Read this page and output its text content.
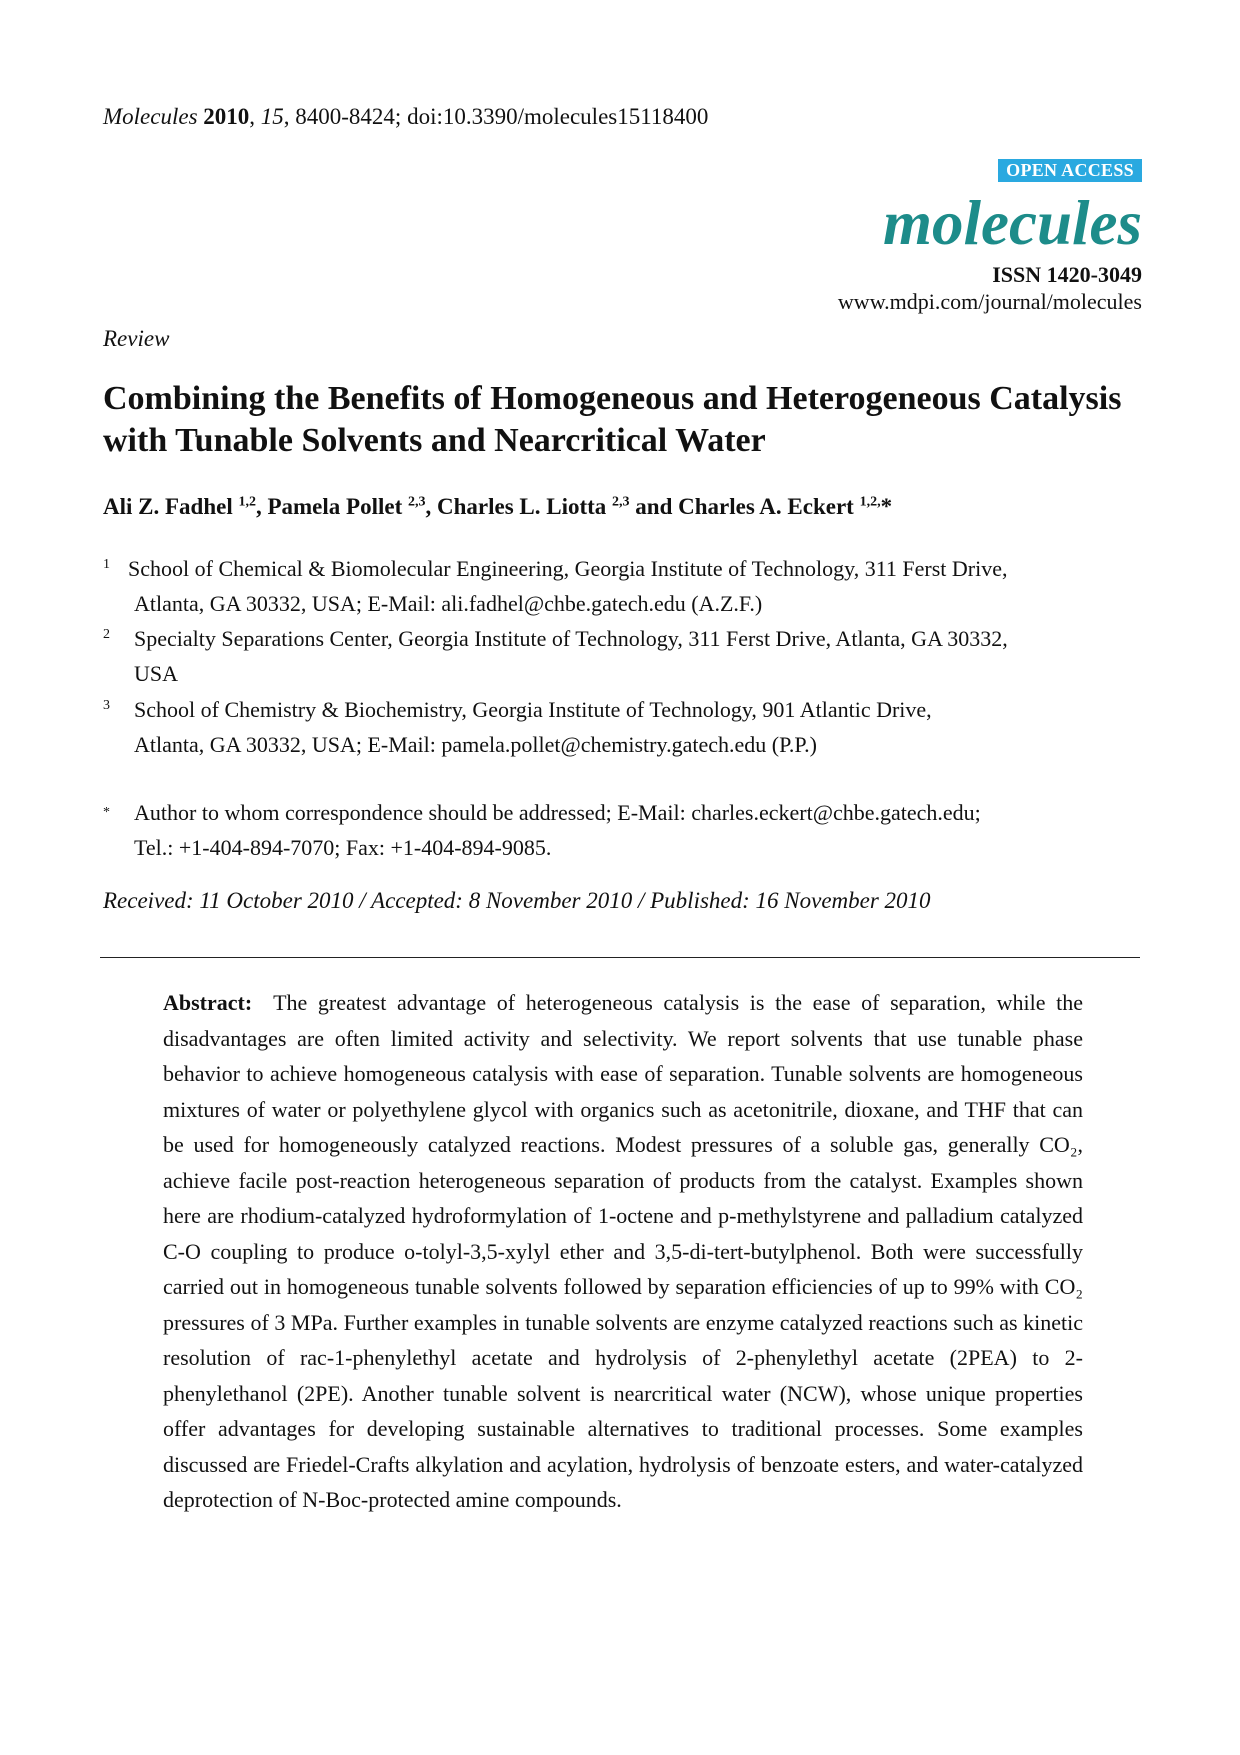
Molecules 2010, 15, 8400-8424; doi:10.3390/molecules15118400
OPEN ACCESS
molecules
ISSN 1420-3049
www.mdpi.com/journal/molecules
Review
Combining the Benefits of Homogeneous and Heterogeneous Catalysis with Tunable Solvents and Nearcritical Water
Ali Z. Fadhel $^{1,2}$, Pamela Pollet $^{2,3}$, Charles L. Liotta $^{2,3}$ and Charles A. Eckert $^{1,2,}$*
1 School of Chemical & Biomolecular Engineering, Georgia Institute of Technology, 311 Ferst Drive,
Atlanta, GA 30332, USA; E-Mail: ali.fadhel@chbe.gatech.edu (A.Z.F.)
2 Specialty Separations Center, Georgia Institute of Technology, 311 Ferst Drive, Atlanta, GA 30332,
USA
3 School of Chemistry & Biochemistry, Georgia Institute of Technology, 901 Atlantic Drive,
Atlanta, GA 30332, USA; E-Mail: pamela.pollet@chemistry.gatech.edu (P.P.)
* Author to whom correspondence should be addressed; E-Mail: charles.eckert@chbe.gatech.edu;
Tel.: +1-404-894-7070; Fax: +1-404-894-9085.
Received: 11 October 2010 / Accepted: 8 November 2010 / Published: 16 November 2010
Abstract: The greatest advantage of heterogeneous catalysis is the ease of separation, while the disadvantages are often limited activity and selectivity. We report solvents that use tunable phase behavior to achieve homogeneous catalysis with ease of separation. Tunable solvents are homogeneous mixtures of water or polyethylene glycol with organics such as acetonitrile, dioxane, and THF that can be used for homogeneously catalyzed reactions. Modest pressures of a soluble gas, generally CO₂, achieve facile post-reaction heterogeneous separation of products from the catalyst. Examples shown here are rhodium-catalyzed hydroformylation of 1-octene and p-methylstyrene and palladium catalyzed C-O coupling to produce o-tolyl-3,5-xylyl ether and 3,5-di-tert-butylphenol. Both were successfully carried out in homogeneous tunable solvents followed by separation efficiencies of up to 99% with CO₂ pressures of 3 MPa. Further examples in tunable solvents are enzyme catalyzed reactions such as kinetic resolution of rac-1-phenylethyl acetate and hydrolysis of 2-phenylethyl acetate (2PEA) to 2-phenylethanol (2PE). Another tunable solvent is nearcritical water (NCW), whose unique properties offer advantages for developing sustainable alternatives to traditional processes. Some examples discussed are Friedel-Crafts alkylation and acylation, hydrolysis of benzoate esters, and water-catalyzed deprotection of N-Boc-protected amine compounds.
